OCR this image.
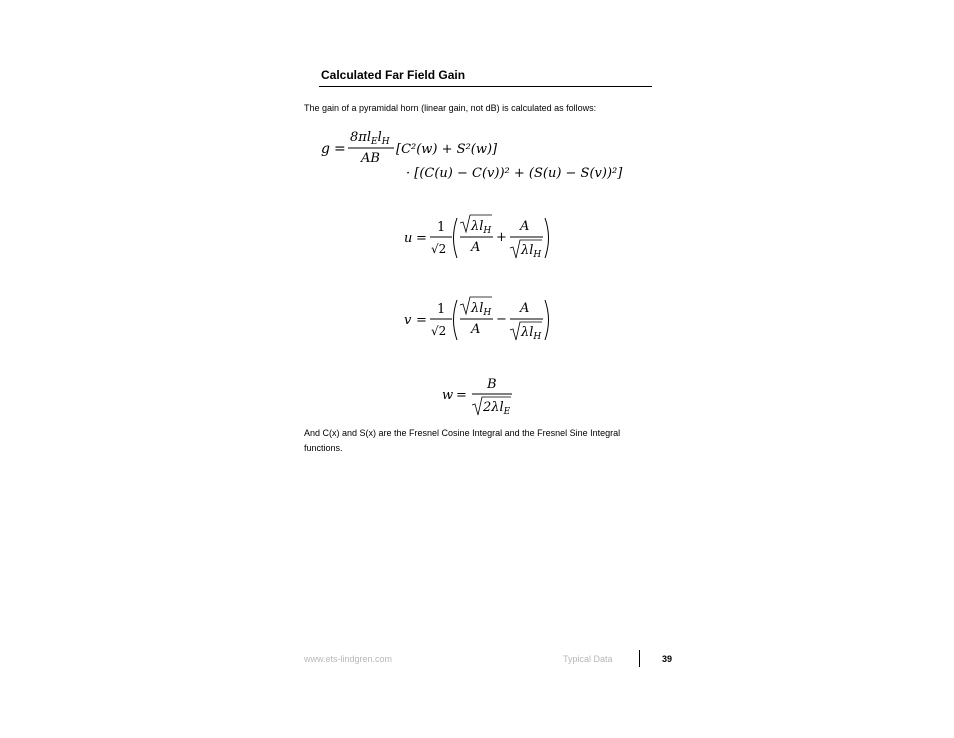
Calculated Far Field Gain
The gain of a pyramidal horn (linear gain, not dB) is calculated as follows:
g =
$8\pi l_El_H$
AB
[C²(w) + S²(w)]
· [(C(u) − C(v))² + (S(u) − S(v))²]
u =
1
√2
$\lambda l_H$
A
+
A
$\lambda l_H$
v =
1
√2
$\lambda l_H$
A
−
A
$\lambda l_H$
w =
B
$2\lambda l_E$
And C(x) and S(x) are the Fresnel Cosine Integral and the Fresnel Sine Integral functions.
www.ets-lindgren.com	Typical Data	39
